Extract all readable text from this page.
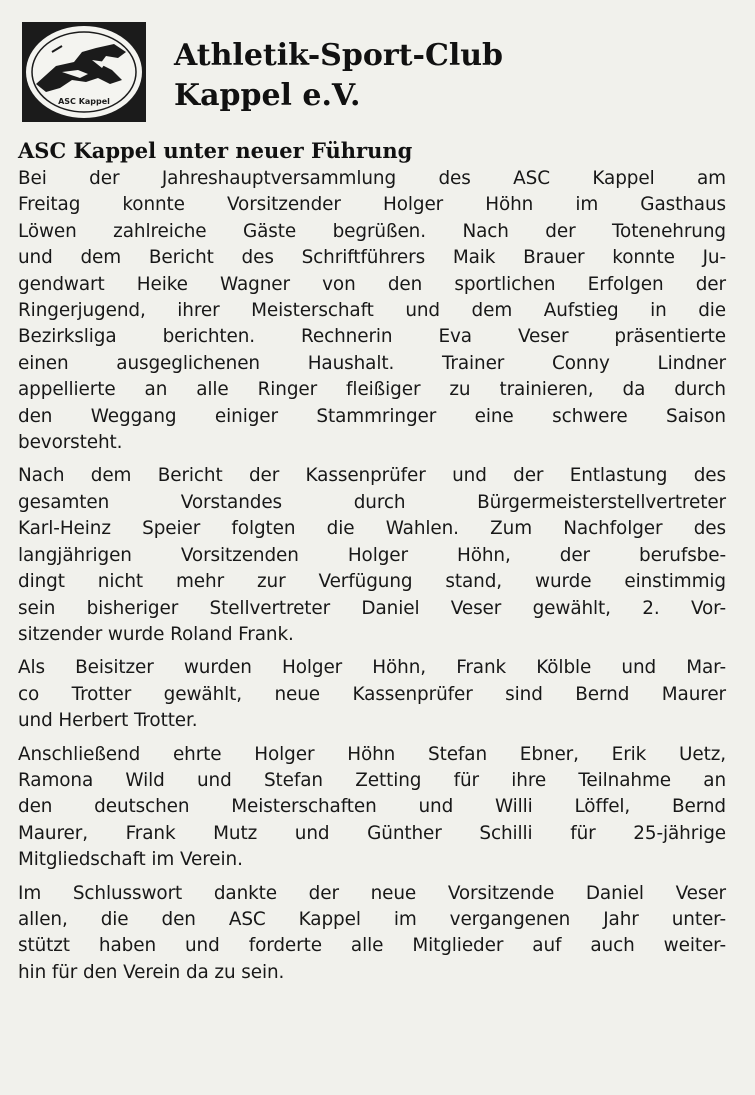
ASC Kappel
Athletik-Sport-Club
Kappel e.V.
ASC Kappel unter neuer Führung

Bei der Jahreshauptversammlung des ASC Kappel am
Freitag konnte Vorsitzender Holger Höhn im Gasthaus
Löwen zahlreiche Gäste begrüßen. Nach der Totenehrung
und dem Bericht des Schriftführers Maik Brauer konnte Ju-
gendwart Heike Wagner von den sportlichen Erfolgen der
Ringerjugend, ihrer Meisterschaft und dem Aufstieg in die
Bezirksliga berichten. Rechnerin Eva Veser präsentierte
einen ausgeglichenen Haushalt. Trainer Conny Lindner
appellierte an alle Ringer fleißiger zu trainieren, da durch
den Weggang einiger Stammringer eine schwere Saison
bevorsteht.

Nach dem Bericht der Kassenprüfer und der Entlastung des
gesamten Vorstandes durch Bürgermeisterstellvertreter
Karl-Heinz Speier folgten die Wahlen. Zum Nachfolger des
langjährigen Vorsitzenden Holger Höhn, der berufsbe-
dingt nicht mehr zur Verfügung stand, wurde einstimmig
sein bisheriger Stellvertreter Daniel Veser gewählt, 2. Vor-
sitzender wurde Roland Frank.

Als Beisitzer wurden Holger Höhn, Frank Kölble und Mar-
co Trotter gewählt, neue Kassenprüfer sind Bernd Maurer
und Herbert Trotter.

Anschließend ehrte Holger Höhn Stefan Ebner, Erik Uetz,
Ramona Wild und Stefan Zetting für ihre Teilnahme an
den deutschen Meisterschaften und Willi Löffel, Bernd
Maurer, Frank Mutz und Günther Schilli für 25-jährige
Mitgliedschaft im Verein.

Im Schlusswort dankte der neue Vorsitzende Daniel Veser
allen, die den ASC Kappel im vergangenen Jahr unter-
stützt haben und forderte alle Mitglieder auf auch weiter-
hin für den Verein da zu sein.
